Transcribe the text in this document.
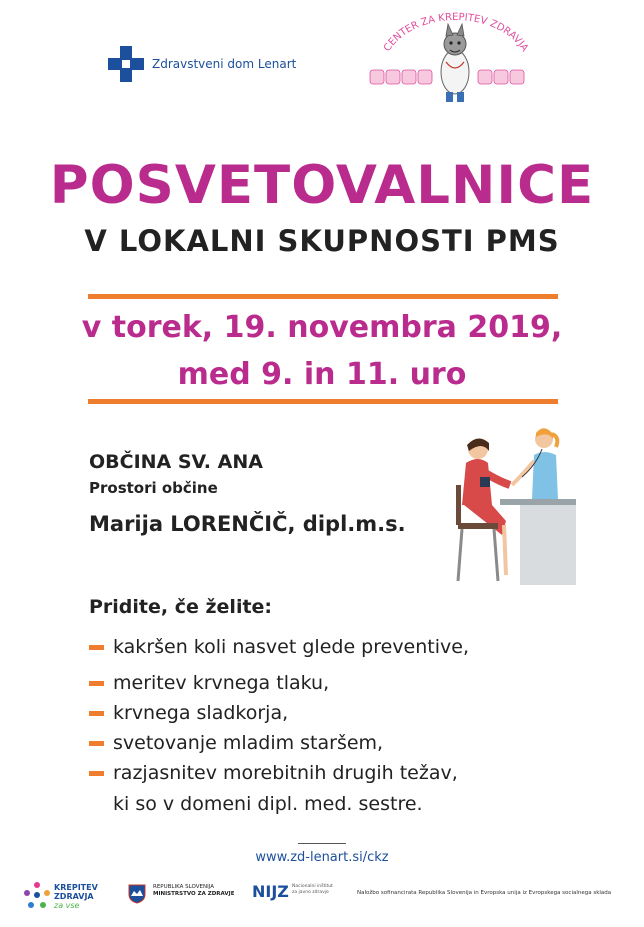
Zdravstveni dom Lenart
CENTER ZA KREPITEV ZDRAVJA
POSVETOVALNICE
V LOKALNI SKUPNOSTI PMS
v torek, 19. novembra 2019,
med 9. in 11. uro
OBČINA SV. ANA
Prostori občine
Marija LORENČIČ, dipl.m.s.
Pridite, če želite:
kakršen koli nasvet glede preventive,
meritev krvnega tlaku,
krvnega sladkorja,
svetovanje mladim staršem,
razjasnitev morebitnih drugih težav,
ki so v domeni dipl. med. sestre.
www.zd-lenart.si/ckz
KREPITEV
ZDRAVJA
za vse
REPUBLIKA SLOVENIJA
MINISTRSTVO ZA ZDRAVJE NIJZ Nacionalni inštitut
za javno zdravje	Naložbo sofinancirata Republika Slovenija in Evropska unija iz Evropskega socialnega sklada
